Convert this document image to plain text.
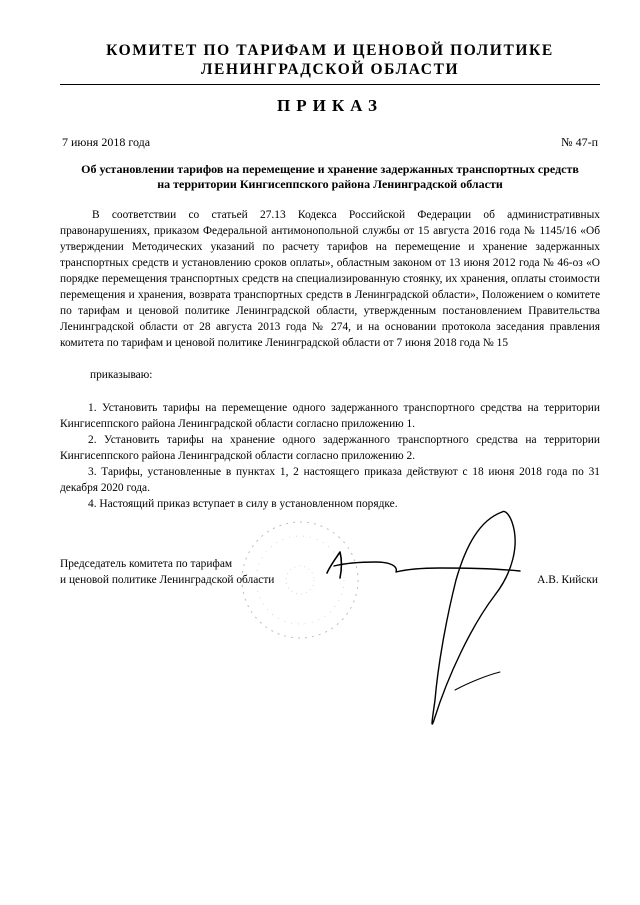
КОМИТЕТ ПО ТАРИФАМ И ЦЕНОВОЙ ПОЛИТИКЕ
ЛЕНИНГРАДСКОЙ ОБЛАСТИ
ПРИКАЗ
7 июня 2018 года	№ 47-п
Об установлении тарифов на перемещение и хранение задержанных транспортных средств
на территории Кингисеппского района Ленинградской области

В соответствии со статьей 27.13 Кодекса Российской Федерации об административных правонарушениях, приказом Федеральной антимонопольной службы от 15 августа 2016 года № 1145/16 «Об утверждении Методических указаний по расчету тарифов на перемещение и хранение задержанных транспортных средств и установлению сроков оплаты», областным законом от 13 июня 2012 года № 46-оз «О порядке перемещения транспортных средств на специализированную стоянку, их хранения, оплаты стоимости перемещения и хранения, возврата транспортных средств в Ленинградской области», Положением о комитете по тарифам и ценовой политике Ленинградской области, утвержденным постановлением Правительства Ленинградской области от 28 августа 2013 года № 274, и на основании протокола заседания правления комитета по тарифам и ценовой политике Ленинградской области от 7 июня 2018 года № 15

приказываю:

1. Установить тарифы на перемещение одного задержанного транспортного средства на территории Кингисеппского района Ленинградской области согласно приложению 1.

2. Установить тарифы на хранение одного задержанного транспортного средства на территории Кингисеппского района Ленинградской области согласно приложению 2.

3. Тарифы, установленные в пунктах 1, 2 настоящего приказа действуют с 18 июня 2018 года по 31 декабря 2020 года.

4. Настоящий приказ вступает в силу в установленном порядке.

Председатель комитета по тарифам
и ценовой политике Ленинградской области	А.В. Кийски
